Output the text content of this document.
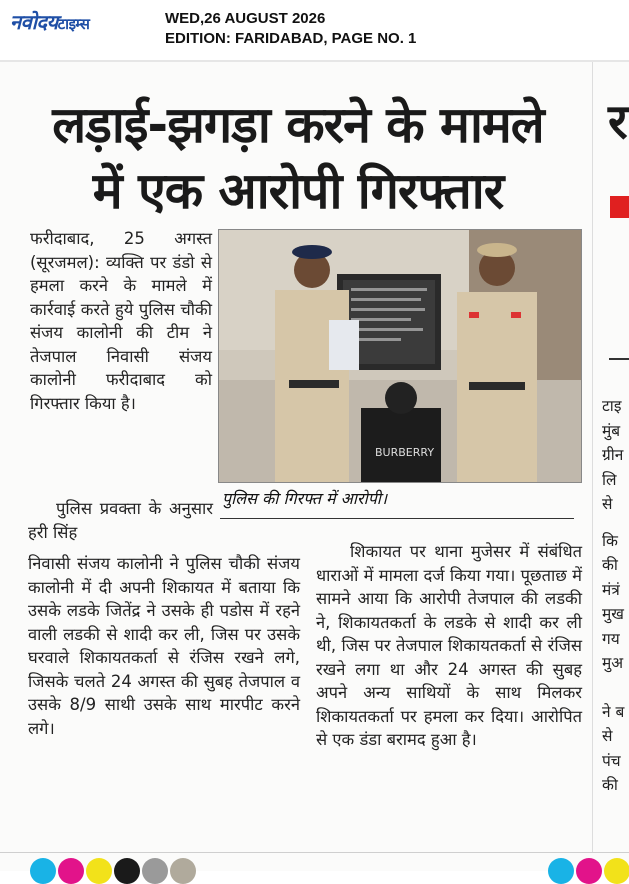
नवोदयटाइम्स	WED,26 AUGUST 2026
EDITION: FARIDABAD, PAGE NO. 1
लड़ाई-झगड़ा करने के मामले
में एक आरोपी गिरफ्तार

फरीदाबाद, 25 अगस्त (सूरजमल): व्यक्ति पर डंडो से हमला करने के मामले में कार्रवाई करते हुये पुलिस चौकी संजय कालोनी की टीम ने तेजपाल निवासी संजय कालोनी फरीदाबाद को गिरफ्तार किया है।

पुलिस प्रवक्ता के अनुसार हरी सिंह

निवासी संजय कालोनी ने पुलिस चौकी संजय कालोनी में दी अपनी शिकायत में बताया कि उसके लडके जितेंद्र ने उसके ही पडोस में रहने वाली लडकी से शादी कर ली, जिस पर उसके घरवाले शिकायतकर्ता से रंजिस रखने लगे, जिसके चलते 24 अगस्त की सुबह तेजपाल व उसके 8/9 साथी उसके साथ मारपीट करने लगे।

शिकायत पर थाना मुजेसर में संबंधित धाराओं में मामला दर्ज किया गया। पूछताछ में सामने आया कि आरोपी तेजपाल की लडकी ने, शिकायतकर्ता के लडके से शादी कर ली थी, जिस पर तेजपाल शिकायतकर्ता से रंजिस रखने लगा था और 24 अगस्त की सुबह अपने अन्य साथियों के साथ मिलकर शिकायतकर्ता पर हमला कर दिया। आरोपित से एक डंडा बरामद हुआ है।

BURBERRY
पुलिस की गिरफ्त में आरोपी।
र
टाइ
मुंब
ग्रीन
लि
से
कि
की
मंत्रं
मुख
गय
मुअ
ने ब
से
पंच
की
